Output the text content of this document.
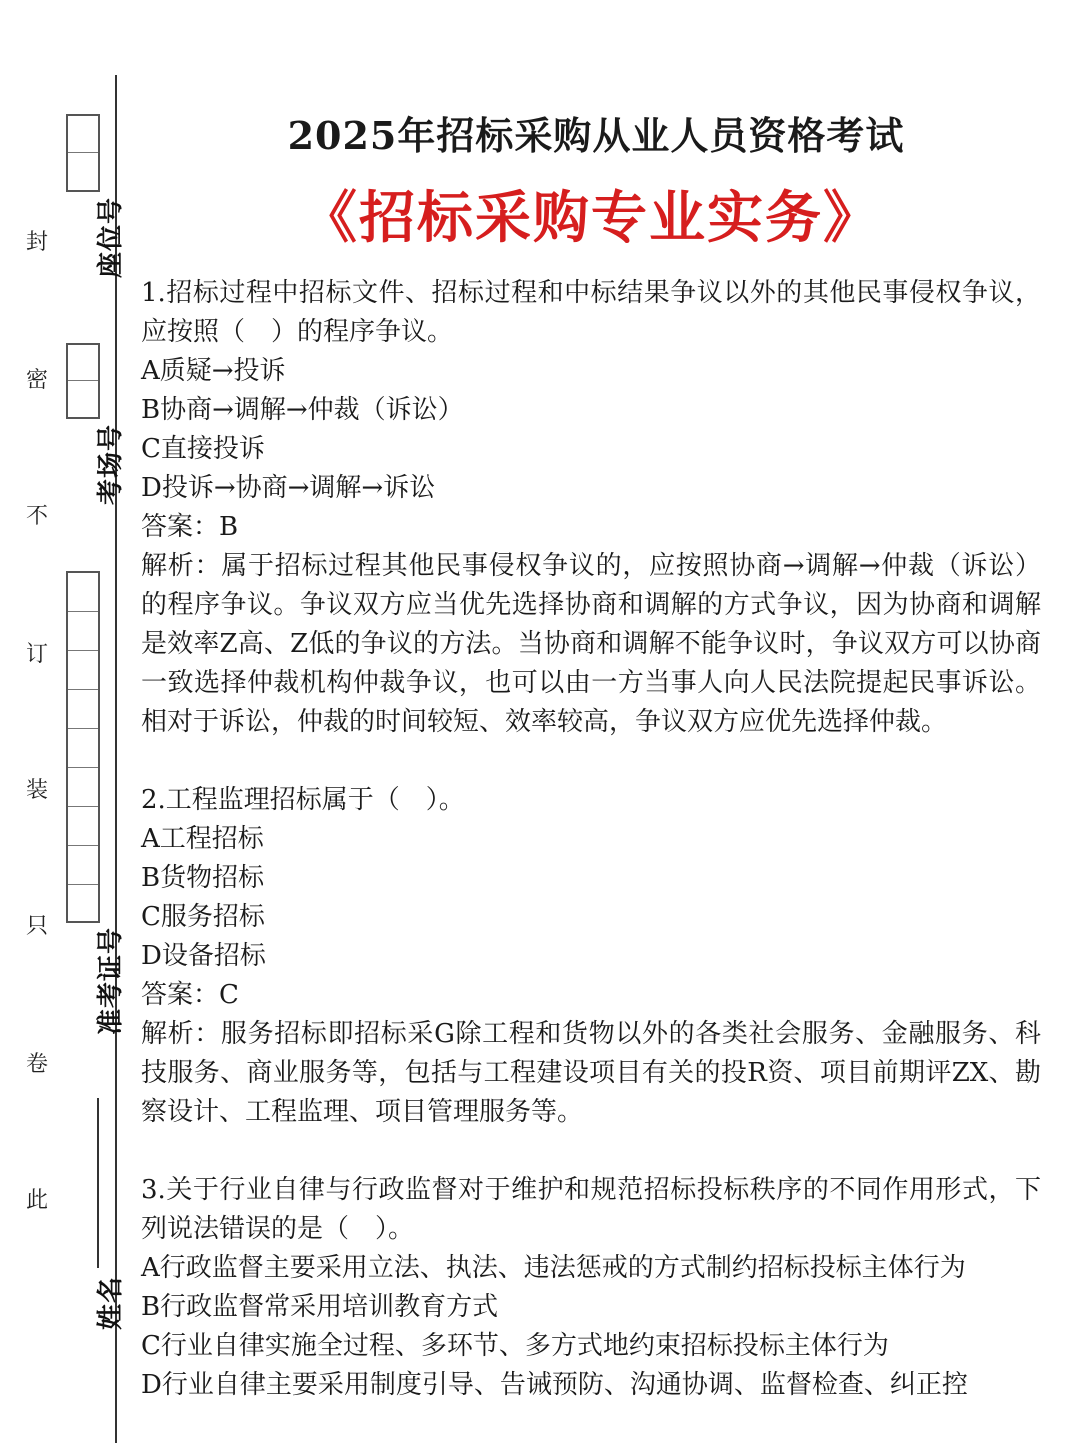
封
密
不
订
装
只
卷
此
座位号
考场号
准考证号
姓名
2025年招标采购从业人员资格考试
《招标采购专业实务》

1.招标过程中招标文件、招标过程和中标结果争议以外的其他民事侵权争议，应按照（　）的程序争议。

A质疑→投诉

B协商→调解→仲裁（诉讼）

C直接投诉

D投诉→协商→调解→诉讼

答案：B

解析：属于招标过程其他民事侵权争议的，应按照协商→调解→仲裁（诉讼）的程序争议。争议双方应当优先选择协商和调解的方式争议，因为协商和调解是效率Z高、Z低的争议的方法。当协商和调解不能争议时，争议双方可以协商一致选择仲裁机构仲裁争议，也可以由一方当事人向人民法院提起民事诉讼。相对于诉讼，仲裁的时间较短、效率较高，争议双方应优先选择仲裁。

2.工程监理招标属于（　）。

A工程招标

B货物招标

C服务招标

D设备招标

答案：C

解析：服务招标即招标采G除工程和货物以外的各类社会服务、金融服务、科技服务、商业服务等，包括与工程建设项目有关的投R资、项目前期评ZX、勘察设计、工程监理、项目管理服务等。

3.关于行业自律与行政监督对于维护和规范招标投标秩序的不同作用形式，下列说法错误的是（　）。

A行政监督主要采用立法、执法、违法惩戒的方式制约招标投标主体行为

B行政监督常采用培训教育方式

C行业自律实施全过程、多环节、多方式地约束招标投标主体行为

D行业自律主要采用制度引导、告诫预防、沟通协调、监督检查、纠正控
